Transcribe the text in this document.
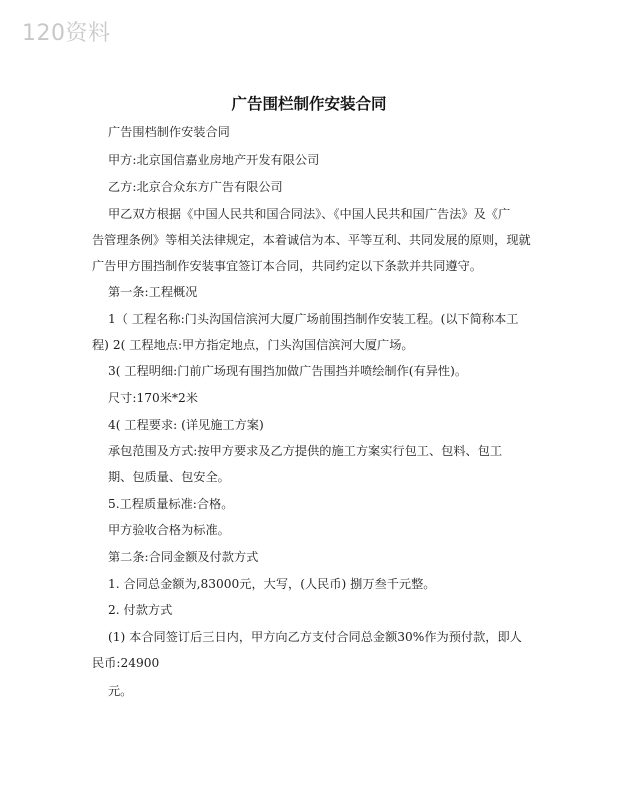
120资料
广告围栏制作安装合同
广告围档制作安装合同
甲方:北京国信嘉业房地产开发有限公司
乙方:北京合众东方广告有限公司
甲乙双方根据《中国人民共和国合同法》、《中国人民共和国广告法》及《广
告管理条例》等相关法律规定，本着诚信为本、平等互利、共同发展的原则，现就
广告甲方围挡制作安装事宜签订本合同，共同约定以下条款并共同遵守。
第一条:工程概况
1（ 工程名称:门头沟国信滨河大厦广场前围挡制作安装工程。(以下简称本工
程) 2( 工程地点:甲方指定地点，门头沟国信滨河大厦广场。
3( 工程明细:门前广场现有围挡加做广告围挡并喷绘制作(有异性)。
尺寸:170米*2米
4( 工程要求: (详见施工方案)
承包范围及方式:按甲方要求及乙方提供的施工方案实行包工、包料、包工
期、包质量、包安全。
5.工程质量标准:合格。
甲方验收合格为标准。
第二条:合同金额及付款方式
1. 合同总金额为,83000元，大写，(人民币) 捌万叁千元整。
2. 付款方式
(1) 本合同签订后三日内，甲方向乙方支付合同总金额30%作为预付款，即人
民币:24900
元。
